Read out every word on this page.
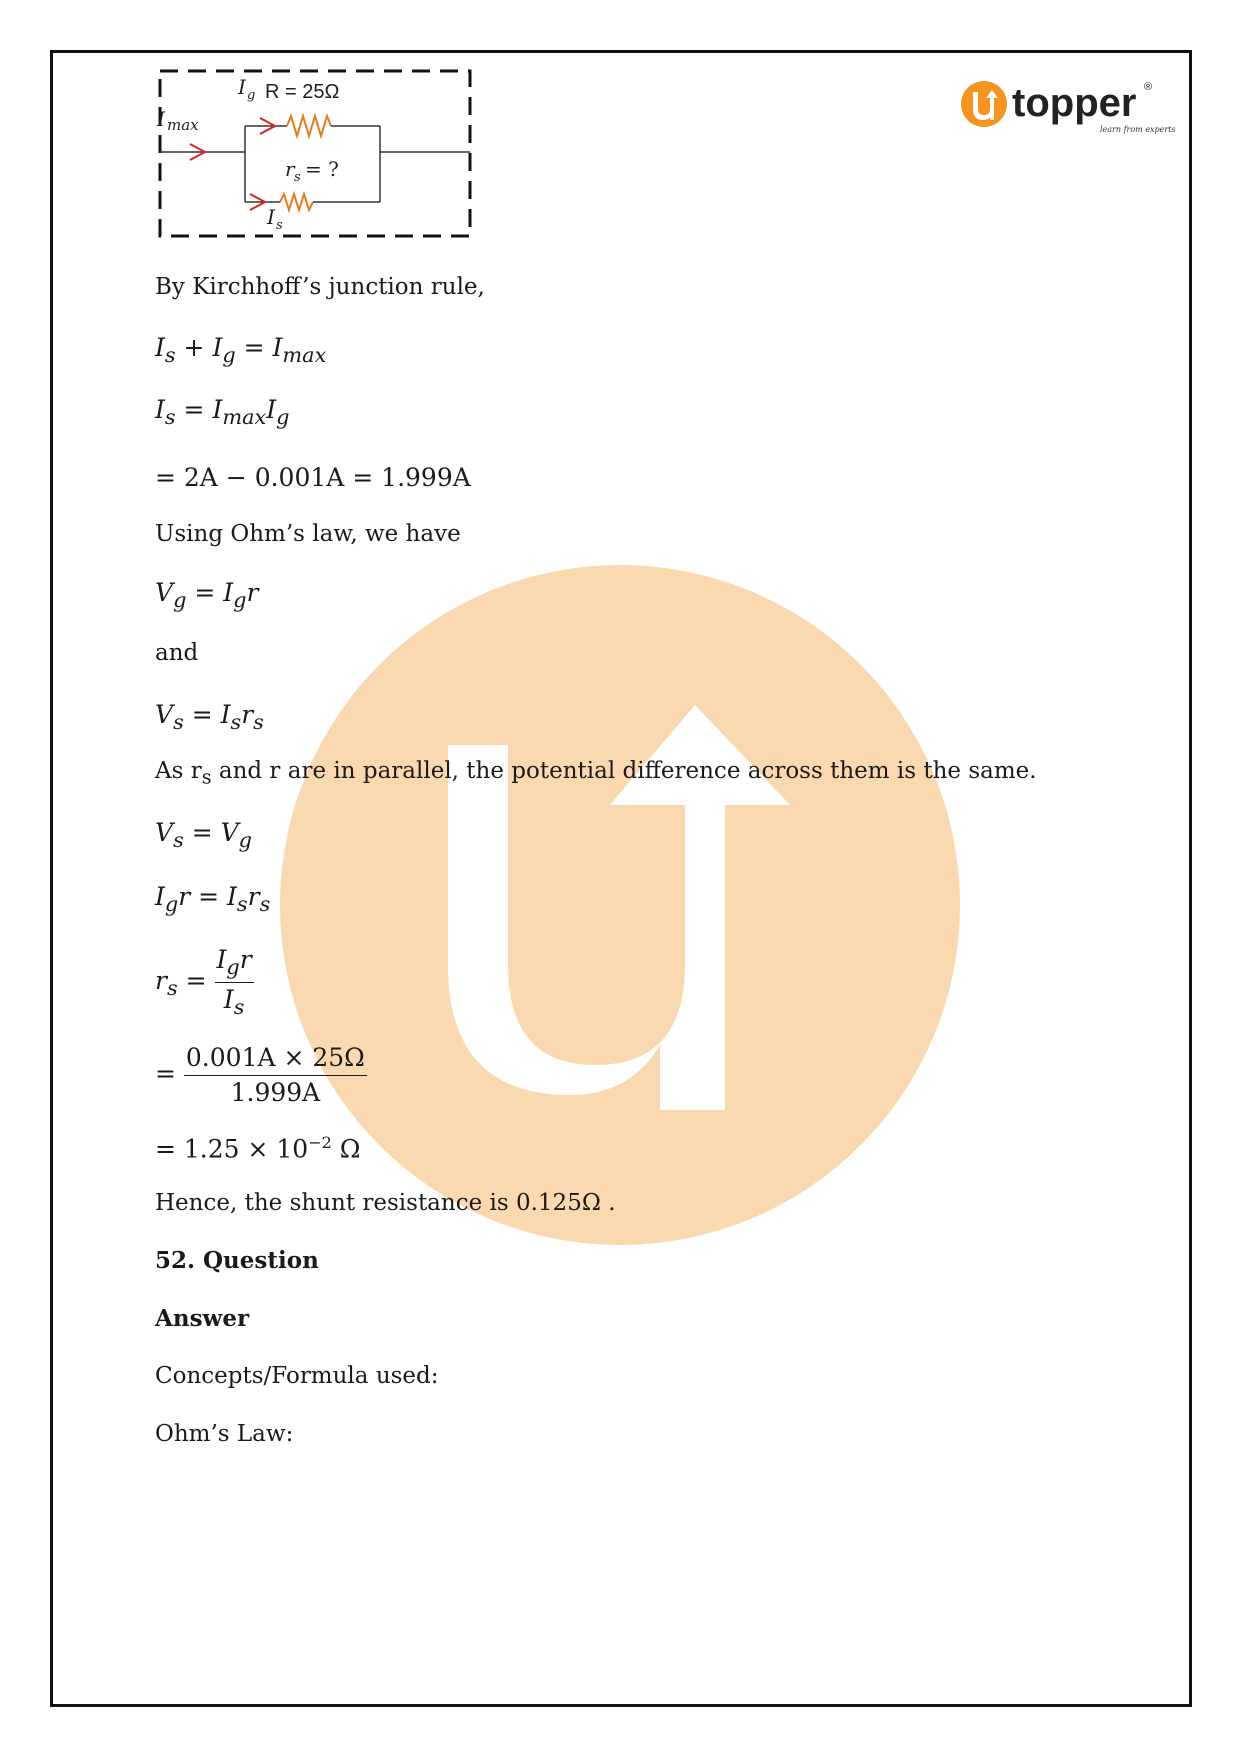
topper ®
learn from experts
I g R = 25Ω
I max
r s = ?
I s
By Kirchhoff’s junction rule,
$I_s + I_g = I_{max}$
$I_s = I_{max}I_g$
= 2A − 0.001A = 1.999A
Using Ohm’s law, we have
$V_g = I_gr$
and
$V_s = I_sr_s$
As $r_s$ and r are in parallel, the potential difference across them is the same.
$V_s = V_g$
$I_gr = I_sr_s$
$r_s = \frac{I_gr}{I_s}$
= $\frac{0.001A \times 25\Omega}{1.999A}$
= $1.25 \times 10^{-2}$ Ω
Hence, the shunt resistance is 0.125Ω .
52. Question
Answer
Concepts/Formula used:
Ohm’s Law:
